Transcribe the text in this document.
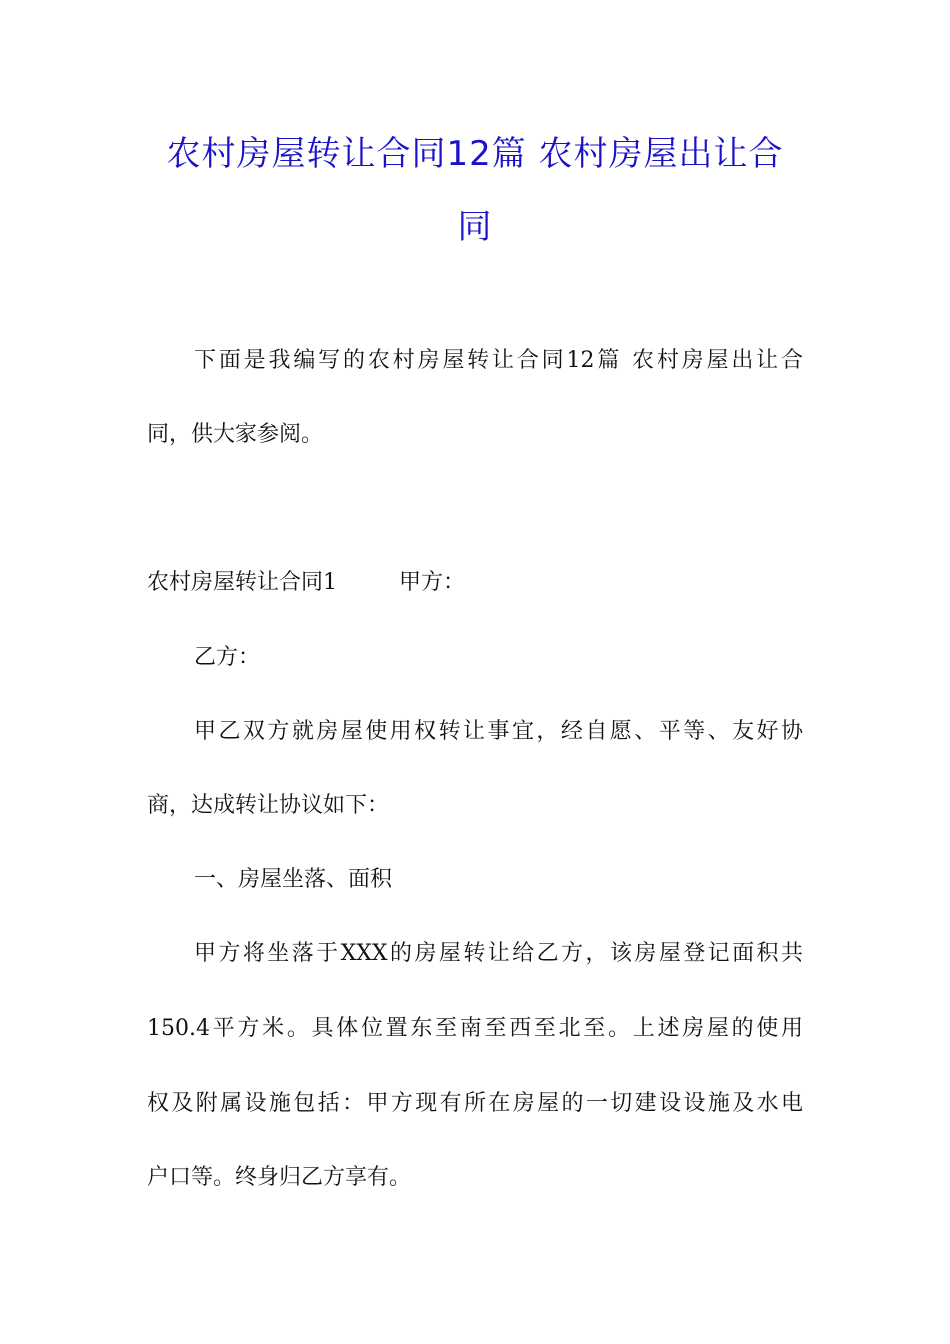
农村房屋转让合同12篇 农村房屋出让合
同
下面是我编写的农村房屋转让合同12篇 农村房屋出让合
同，供大家参阅。
农村房屋转让合同1	甲方：
乙方：
甲乙双方就房屋使用权转让事宜，经自愿、平等、友好协
商，达成转让协议如下：
一、房屋坐落、面积
甲方将坐落于XXX的房屋转让给乙方，该房屋登记面积共
150.4平方米。具体位置东至南至西至北至。上述房屋的使用
权及附属设施包括：甲方现有所在房屋的一切建设设施及水电
户口等。终身归乙方享有。
